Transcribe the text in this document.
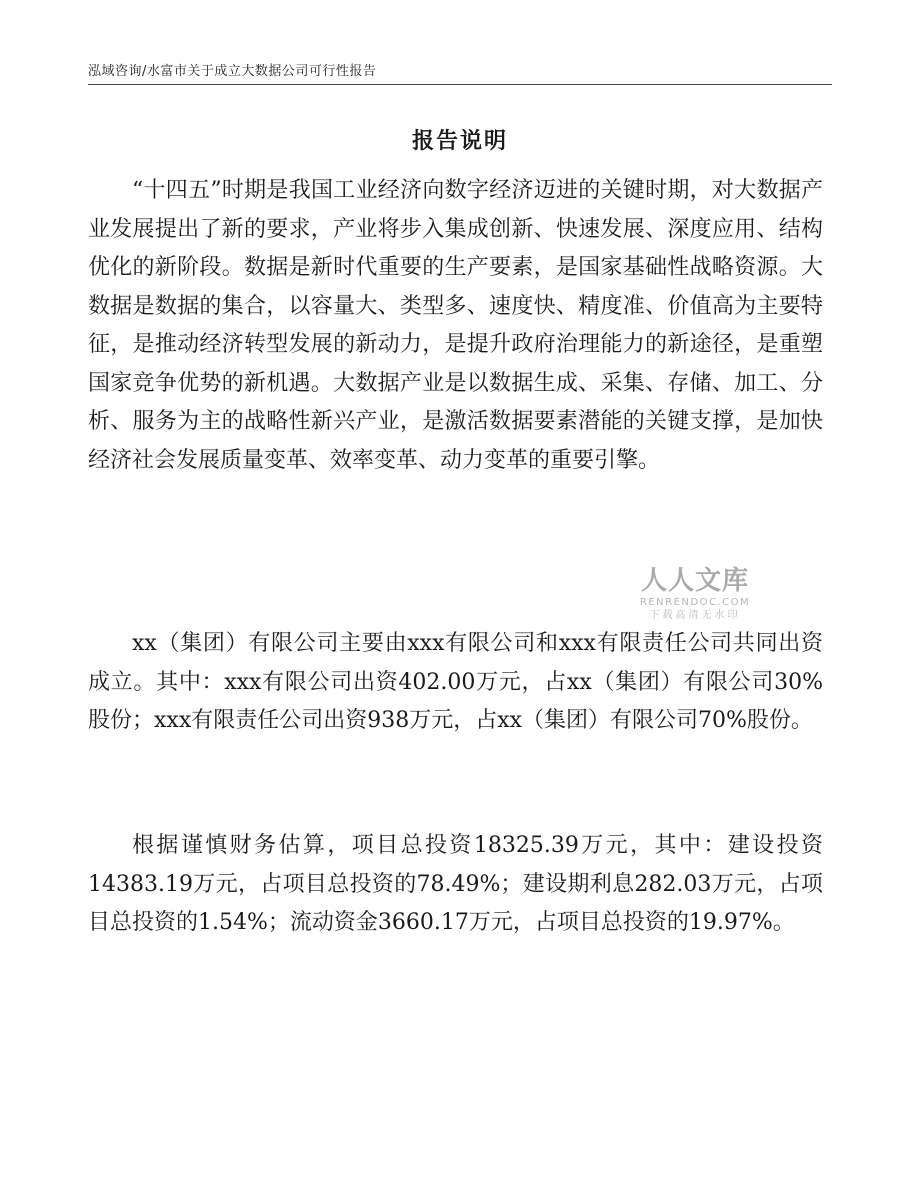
泓域咨询/水富市关于成立大数据公司可行性报告
报告说明

“十四五”时期是我国工业经济向数字经济迈进的关键时期，对大数据产业发展提出了新的要求，产业将步入集成创新、快速发展、深度应用、结构优化的新阶段。数据是新时代重要的生产要素，是国家基础性战略资源。大数据是数据的集合，以容量大、类型多、速度快、精度准、价值高为主要特征，是推动经济转型发展的新动力，是提升政府治理能力的新途径，是重塑国家竞争优势的新机遇。大数据产业是以数据生成、采集、存储、加工、分析、服务为主的战略性新兴产业，是激活数据要素潜能的关键支撑，是加快经济社会发展质量变革、效率变革、动力变革的重要引擎。

xx（集团）有限公司主要由xxx有限公司和xxx有限责任公司共同出资成立。其中：xxx有限公司出资402.00万元，占xx（集团）有限公司30%股份；xxx有限责任公司出资938万元，占xx（集团）有限公司70%股份。

根据谨慎财务估算，项目总投资18325.39万元，其中：建设投资14383.19万元，占项目总投资的78.49%；建设期利息282.03万元，占项目总投资的1.54%；流动资金3660.17万元，占项目总投资的19.97%。

人人文库
RENRENDOC.COM
下载高清无水印
